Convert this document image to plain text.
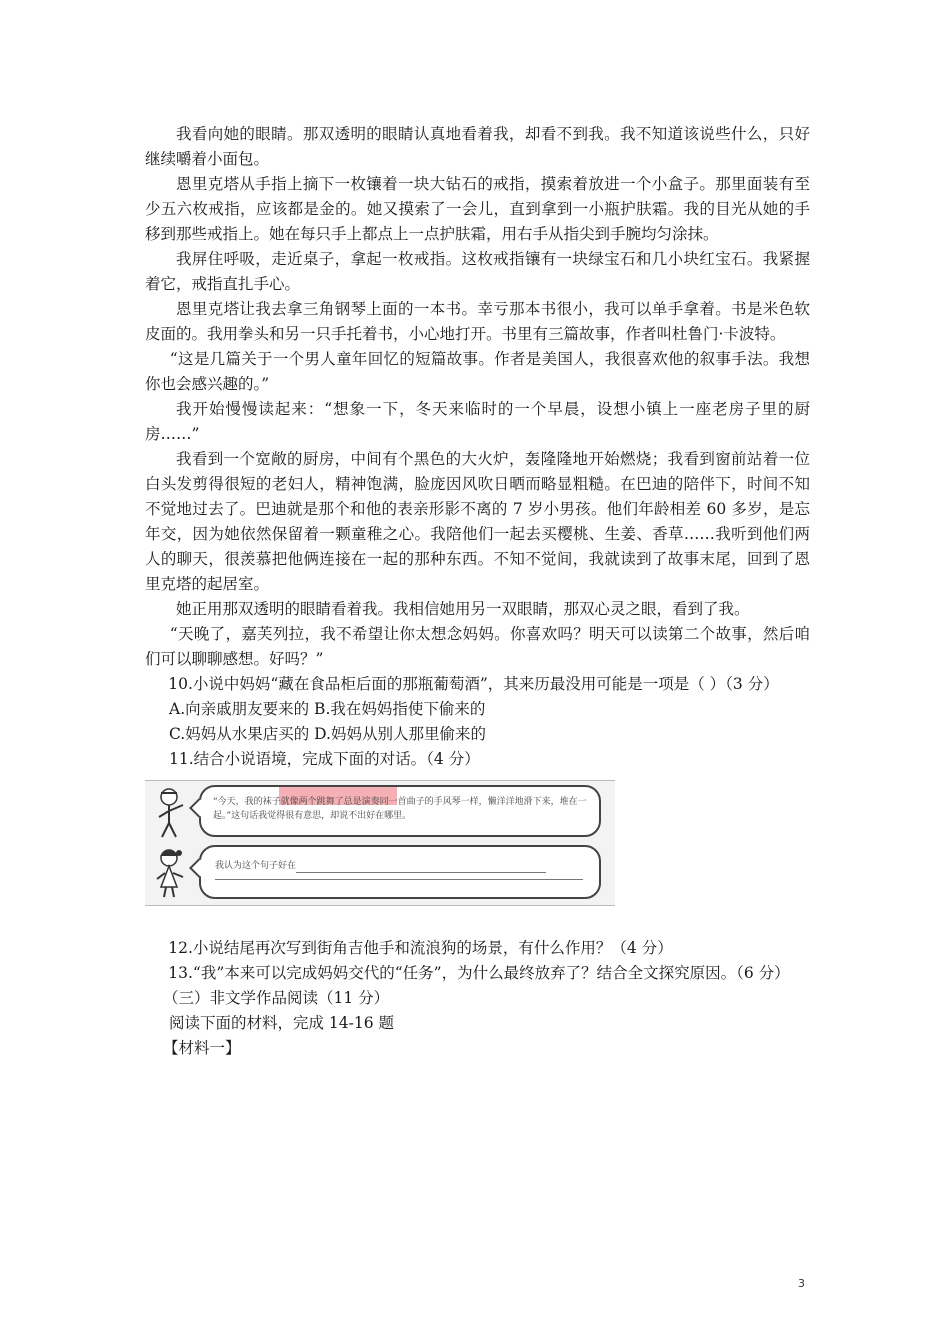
我看向她的眼睛。那双透明的眼睛认真地看着我，却看不到我。我不知道该说些什么，只好继续嚼着小面包。

恩里克塔从手指上摘下一枚镶着一块大钻石的戒指，摸索着放进一个小盒子。那里面装有至少五六枚戒指，应该都是金的。她又摸索了一会儿，直到拿到一小瓶护肤霜。我的目光从她的手移到那些戒指上。她在每只手上都点上一点护肤霜，用右手从指尖到手腕均匀涂抹。

我屏住呼吸，走近桌子，拿起一枚戒指。这枚戒指镶有一块绿宝石和几小块红宝石。我紧握着它，戒指直扎手心。

恩里克塔让我去拿三角钢琴上面的一本书。幸亏那本书很小，我可以单手拿着。书是米色软皮面的。我用拳头和另一只手托着书，小心地打开。书里有三篇故事，作者叫杜鲁门·卡波特。

“这是几篇关于一个男人童年回忆的短篇故事。作者是美国人，我很喜欢他的叙事手法。我想你也会感兴趣的。”

我开始慢慢读起来：“想象一下，冬天来临时的一个早晨，设想小镇上一座老房子里的厨房……”

我看到一个宽敞的厨房，中间有个黑色的大火炉，轰隆隆地开始燃烧；我看到窗前站着一位白头发剪得很短的老妇人，精神饱满，脸庞因风吹日晒而略显粗糙。在巴迪的陪伴下，时间不知不觉地过去了。巴迪就是那个和他的表亲形影不离的 7 岁小男孩。他们年龄相差 60 多岁，是忘年交，因为她依然保留着一颗童稚之心。我陪他们一起去买樱桃、生姜、香草……我听到他们两人的聊天，很羡慕把他俩连接在一起的那种东西。不知不觉间，我就读到了故事末尾，回到了恩里克塔的起居室。

她正用那双透明的眼睛看着我。我相信她用另一双眼睛，那双心灵之眼，看到了我。

“天晚了，嘉芙列拉，我不希望让你太想念妈妈。你喜欢吗？明天可以读第二个故事，然后咱们可以聊聊感想。好吗？”

10.小说中妈妈“藏在食品柜后面的那瓶葡萄酒”，其来历最没用可能是一项是（ ）（3 分）

A.向亲戚朋友要来的 B.我在妈妈指使下偷来的

C.妈妈从水果店买的 D.妈妈从别人那里偷来的

11.结合小说语境，完成下面的对话。（4 分）

“今天，我的袜子就像两个跳舞了总是演奏同一首曲子的手风琴一样，懒洋洋地滑下来，堆在一起。”这句话我觉得很有意思，却说不出好在哪里。
我认为这个句子好在

12.小说结尾再次写到街角吉他手和流浪狗的场景，有什么作用？（4 分）

13.“我”本来可以完成妈妈交代的“任务”，为什么最终放弃了？结合全文探究原因。（6 分）

（三）非文学作品阅读（11 分）

阅读下面的材料，完成 14-16 题

【材料一】

3
